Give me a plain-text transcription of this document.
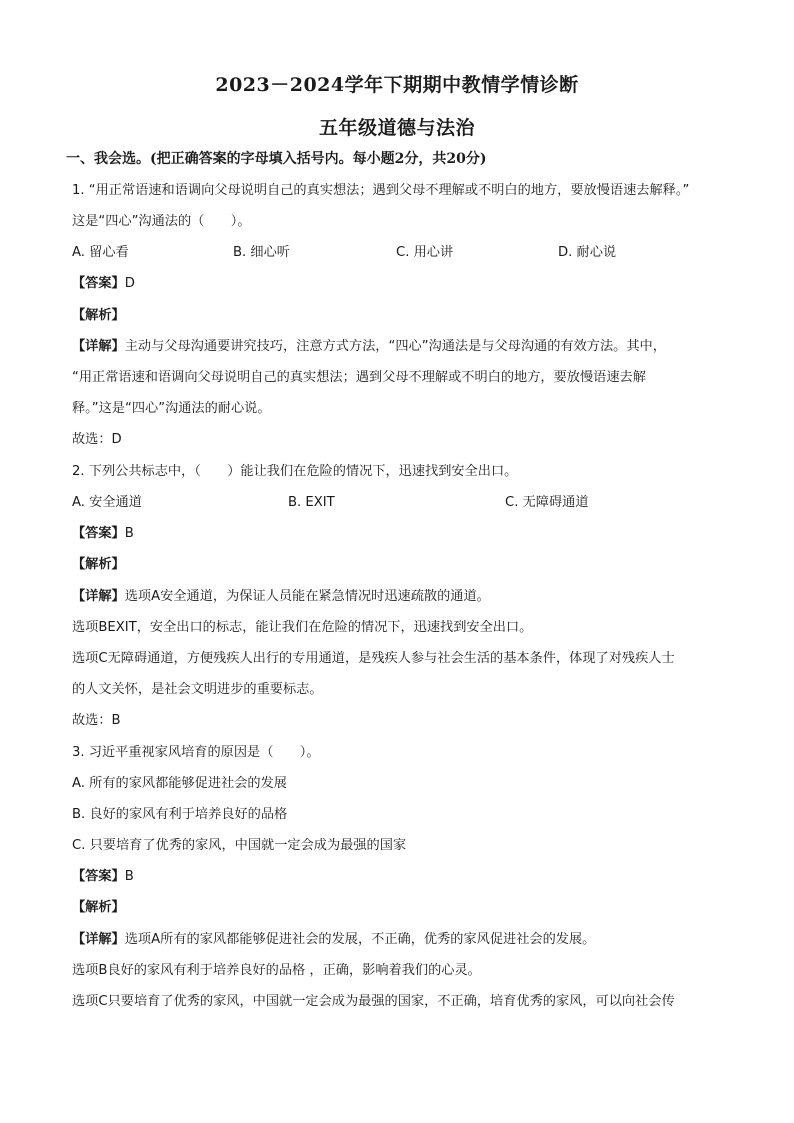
2023－2024学年下期期中教情学情诊断
五年级道德与法治
一、我会选。(把正确答案的字母填入括号内。每小题2分，共20分)
1. “用正常语速和语调向父母说明自己的真实想法；遇到父母不理解或不明白的地方，要放慢语速去解释。”
这是“四心”沟通法的（　　）。
A. 留心看	B. 细心听	C. 用心讲	D. 耐心说
【答案】D
【解析】
【详解】主动与父母沟通要讲究技巧，注意方式方法，“四心”沟通法是与父母沟通的有效方法。其中，
“用正常语速和语调向父母说明自己的真实想法；遇到父母不理解或不明白的地方，要放慢语速去解
释。”这是“四心”沟通法的耐心说。
故选：D
2. 下列公共标志中，（　　）能让我们在危险的情况下，迅速找到安全出口。
A. 安全通道	B. EXIT	C. 无障碍通道
【答案】B
【解析】
【详解】选项A安全通道，为保证人员能在紧急情况时迅速疏散的通道。
选项BEXIT，安全出口的标志，能让我们在危险的情况下，迅速找到安全出口。
选项C无障碍通道，方便残疾人出行的专用通道，是残疾人参与社会生活的基本条件，体现了对残疾人士
的人文关怀，是社会文明进步的重要标志。
故选：B
3. 习近平重视家风培育的原因是（　　）。
A. 所有的家风都能够促进社会的发展
B. 良好的家风有利于培养良好的品格
C. 只要培育了优秀的家风，中国就一定会成为最强的国家
【答案】B
【解析】
【详解】选项A所有的家风都能够促进社会的发展，不正确，优秀的家风促进社会的发展。
选项B良好的家风有利于培养良好的品格 ，正确，影响着我们的心灵。
选项C只要培育了优秀的家风，中国就一定会成为最强的国家，不正确，培育优秀的家风，可以向社会传
